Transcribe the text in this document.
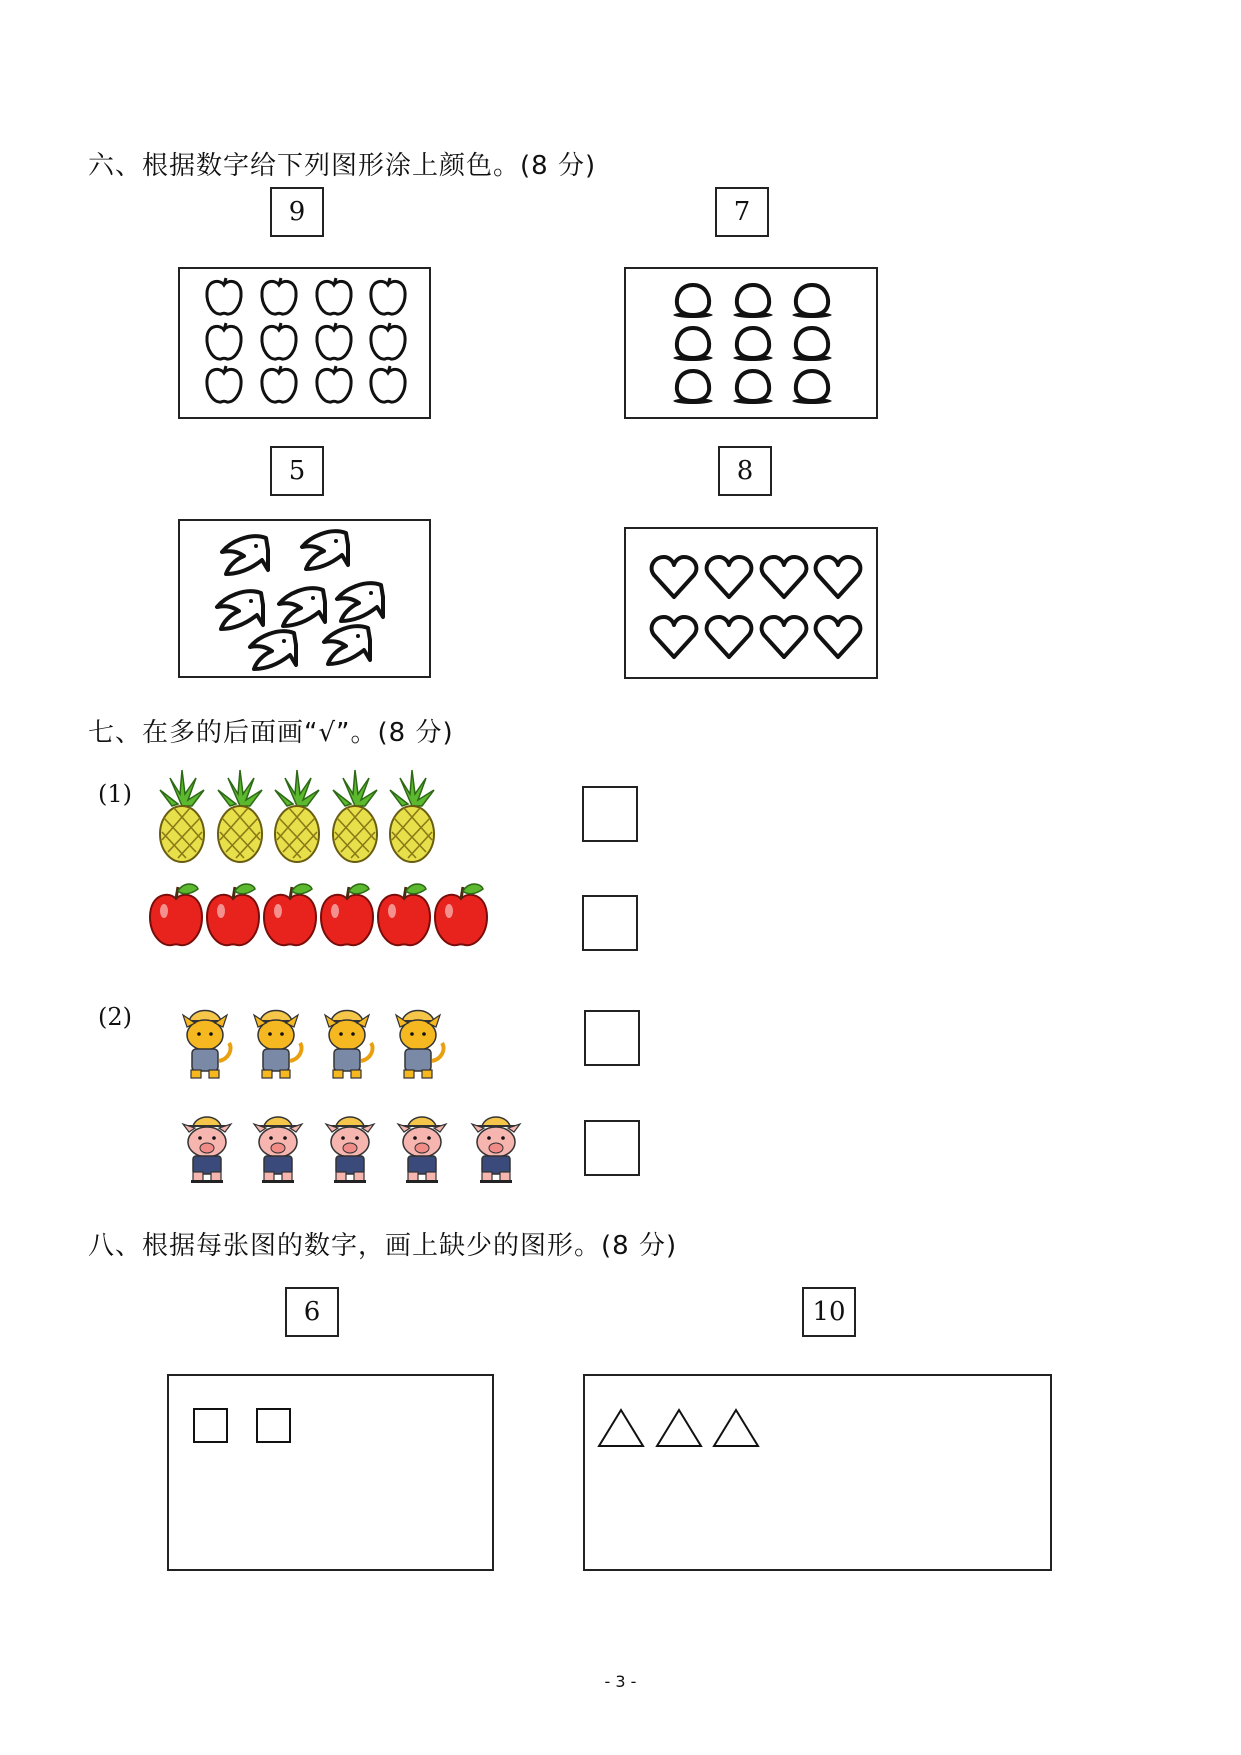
六、根据数字给下列图形涂上颜色。(8 分)
9	7
5	8
七、在多的后面画“√”。(8 分)
(1)
(2)
八、根据每张图的数字，画上缺少的图形。(8 分)
6	10
- 3 -
